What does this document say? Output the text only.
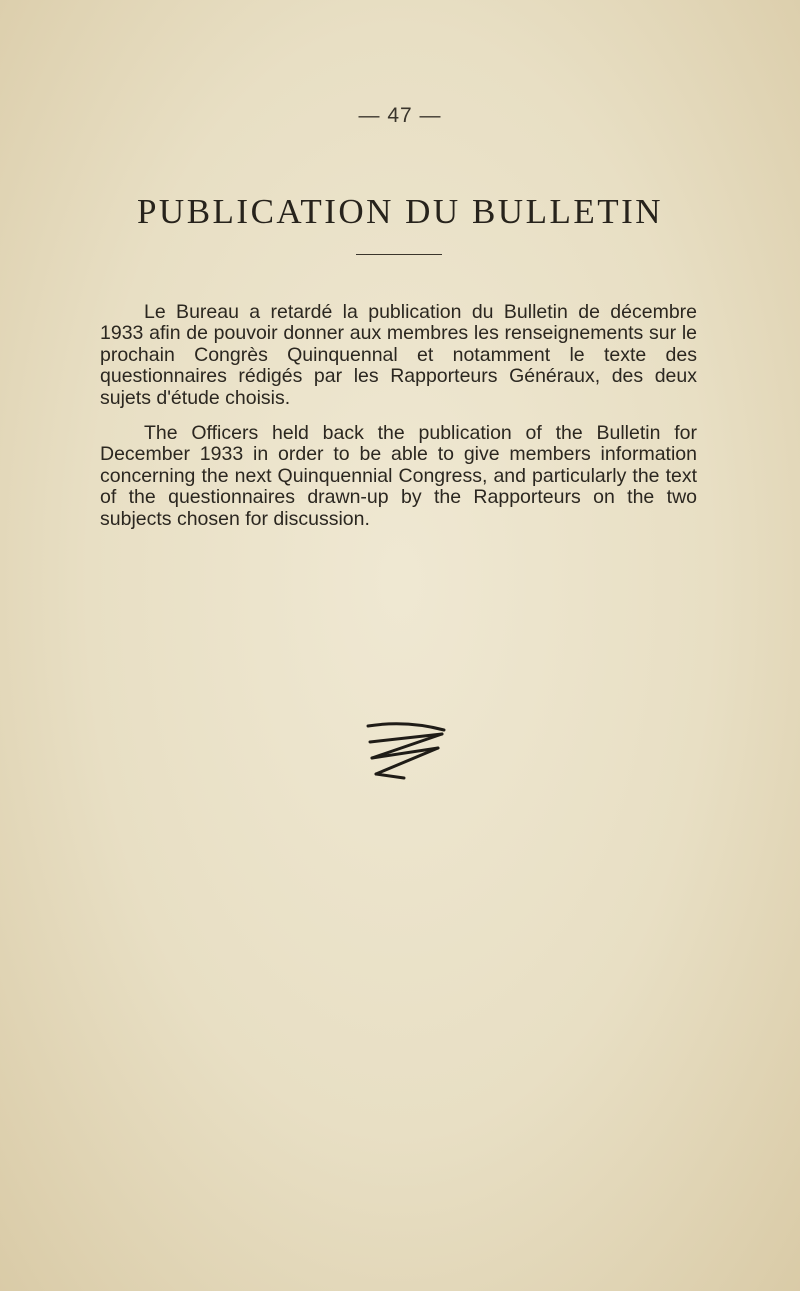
— 47 —
PUBLICATION DU BULLETIN

Le Bureau a retardé la publication du Bulletin de décembre 1933 afin de pouvoir donner aux membres les renseignements sur le prochain Congrès Quinquennal et notamment le texte des questionnaires rédigés par les Rapporteurs Généraux, des deux sujets d'étude choisis.

The Officers held back the publication of the Bulletin for December 1933 in order to be able to give members information concerning the next Quinquennial Congress, and particularly the text of the questionnaires drawn-up by the Rapporteurs on the two subjects chosen for discussion.
